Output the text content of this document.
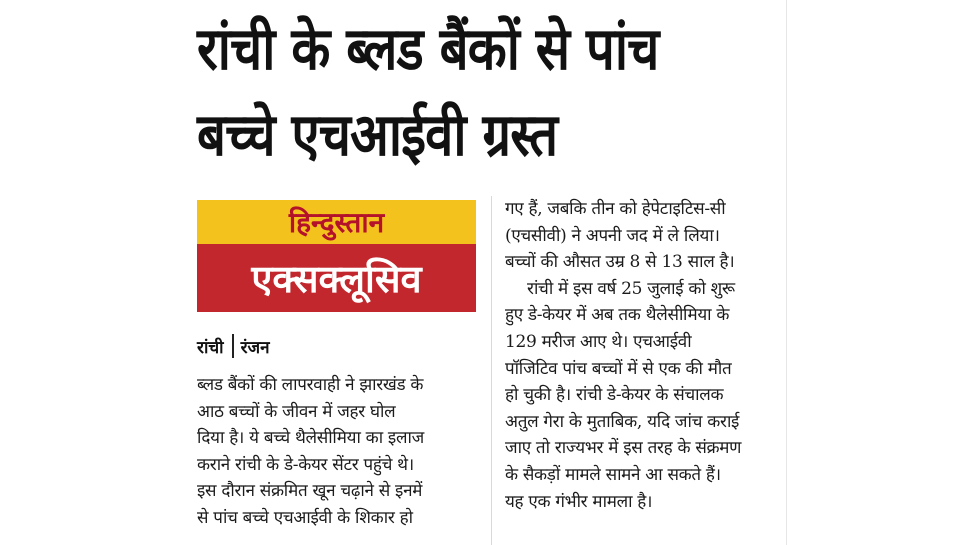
रांची के ब्लड बैंकों से पांच
बच्चे एचआईवी ग्रस्त
हिन्दुस्तान
एक्सक्लूसिव
रांची रंजन
ब्लड बैंकों की लापरवाही ने झारखंड के
आठ बच्चों के जीवन में जहर घोल
दिया है। ये बच्चे थैलेसीमिया का इलाज
कराने रांची के डे-केयर सेंटर पहुंचे थे।
इस दौरान संक्रमित खून चढ़ाने से इनमें
से पांच बच्चे एचआईवी के शिकार हो
गए हैं, जबकि तीन को हेपेटाइटिस-सी
(एचसीवी) ने अपनी जद में ले लिया।
बच्चों की औसत उम्र 8 से 13 साल है।
रांची में इस वर्ष 25 जुलाई को शुरू
हुए डे-केयर में अब तक थैलेसीमिया के
129 मरीज आए थे। एचआईवी
पॉजिटिव पांच बच्चों में से एक की मौत
हो चुकी है। रांची डे-केयर के संचालक
अतुल गेरा के मुताबिक, यदि जांच कराई
जाए तो राज्यभर में इस तरह के संक्रमण
के सैकड़ों मामले सामने आ सकते हैं।
यह एक गंभीर मामला है।
